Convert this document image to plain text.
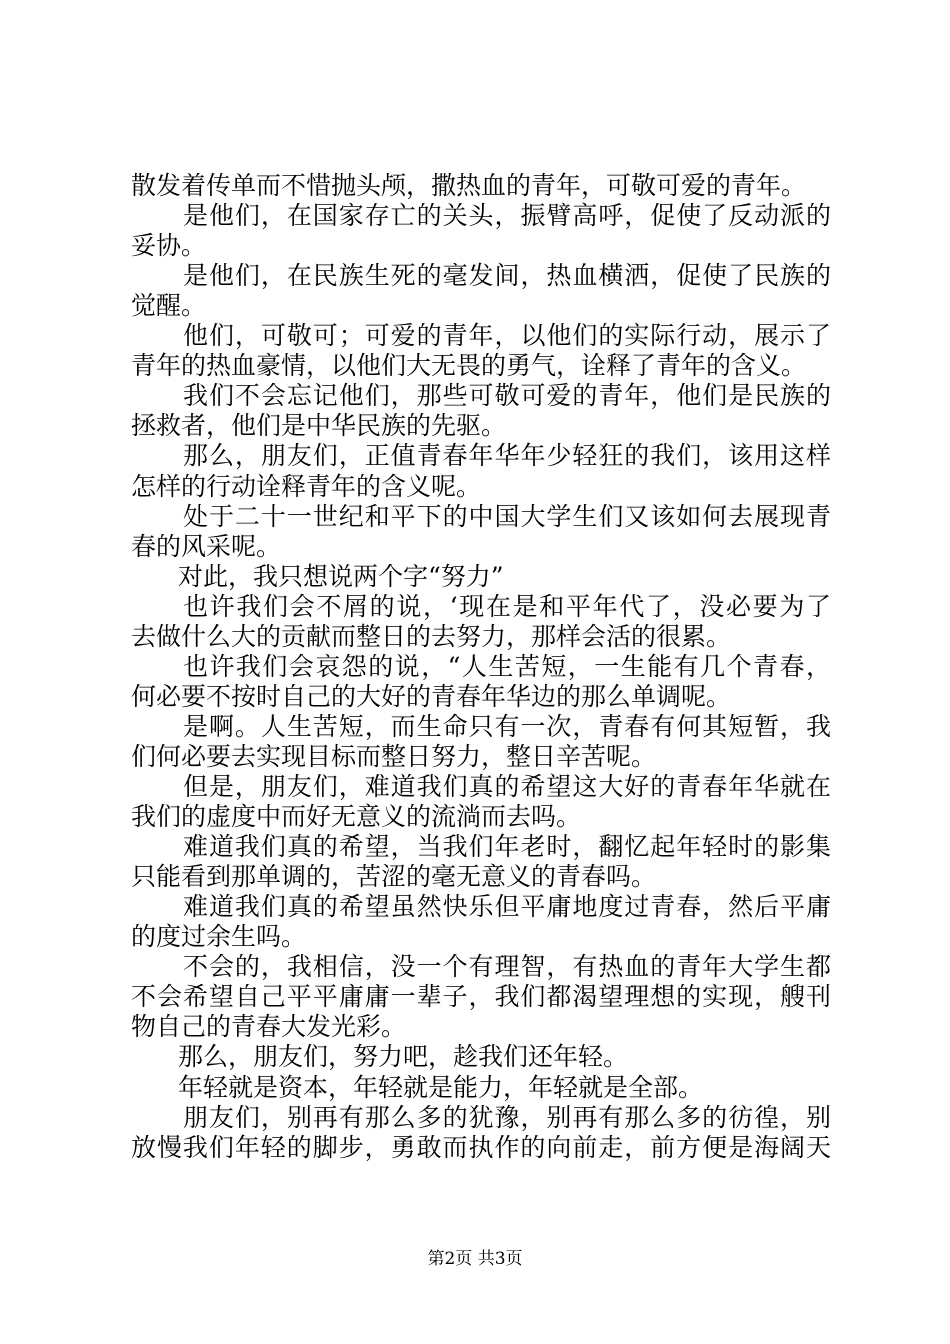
散发着传单而不惜抛头颅，撒热血的青年，可敬可爱的青年。
是他们，在国家存亡的关头，振臂高呼，促使了反动派的
妥协。
是他们，在民族生死的毫发间，热血横洒，促使了民族的
觉醒。
他们，可敬可；可爱的青年，以他们的实际行动，展示了
青年的热血豪情，以他们大无畏的勇气，诠释了青年的含义。
我们不会忘记他们，那些可敬可爱的青年，他们是民族的
拯救者，他们是中华民族的先驱。
那么，朋友们，正值青春年华年少轻狂的我们，该用这样
怎样的行动诠释青年的含义呢。
处于二十一世纪和平下的中国大学生们又该如何去展现青
春的风采呢。
对此，我只想说两个字“努力”
也许我们会不屑的说，‘现在是和平年代了，没必要为了
去做什么大的贡献而整日的去努力，那样会活的很累。
也许我们会哀怨的说，“人生苦短，一生能有几个青春，
何必要不按时自己的大好的青春年华边的那么单调呢。
是啊。人生苦短，而生命只有一次，青春有何其短暂，我
们何必要去实现目标而整日努力，整日辛苦呢。
但是，朋友们，难道我们真的希望这大好的青春年华就在
我们的虚度中而好无意义的流淌而去吗。
难道我们真的希望，当我们年老时，翻忆起年轻时的影集
只能看到那单调的，苦涩的毫无意义的青春吗。
难道我们真的希望虽然快乐但平庸地度过青春，然后平庸
的度过余生吗。
不会的，我相信，没一个有理智，有热血的青年大学生都
不会希望自己平平庸庸一辈子，我们都渴望理想的实现，艘刊
物自己的青春大发光彩。
那么，朋友们，努力吧，趁我们还年轻。
年轻就是资本，年轻就是能力，年轻就是全部。
朋友们，别再有那么多的犹豫，别再有那么多的彷徨，别
放慢我们年轻的脚步，勇敢而执作的向前走，前方便是海阔天
第2页 共3页
